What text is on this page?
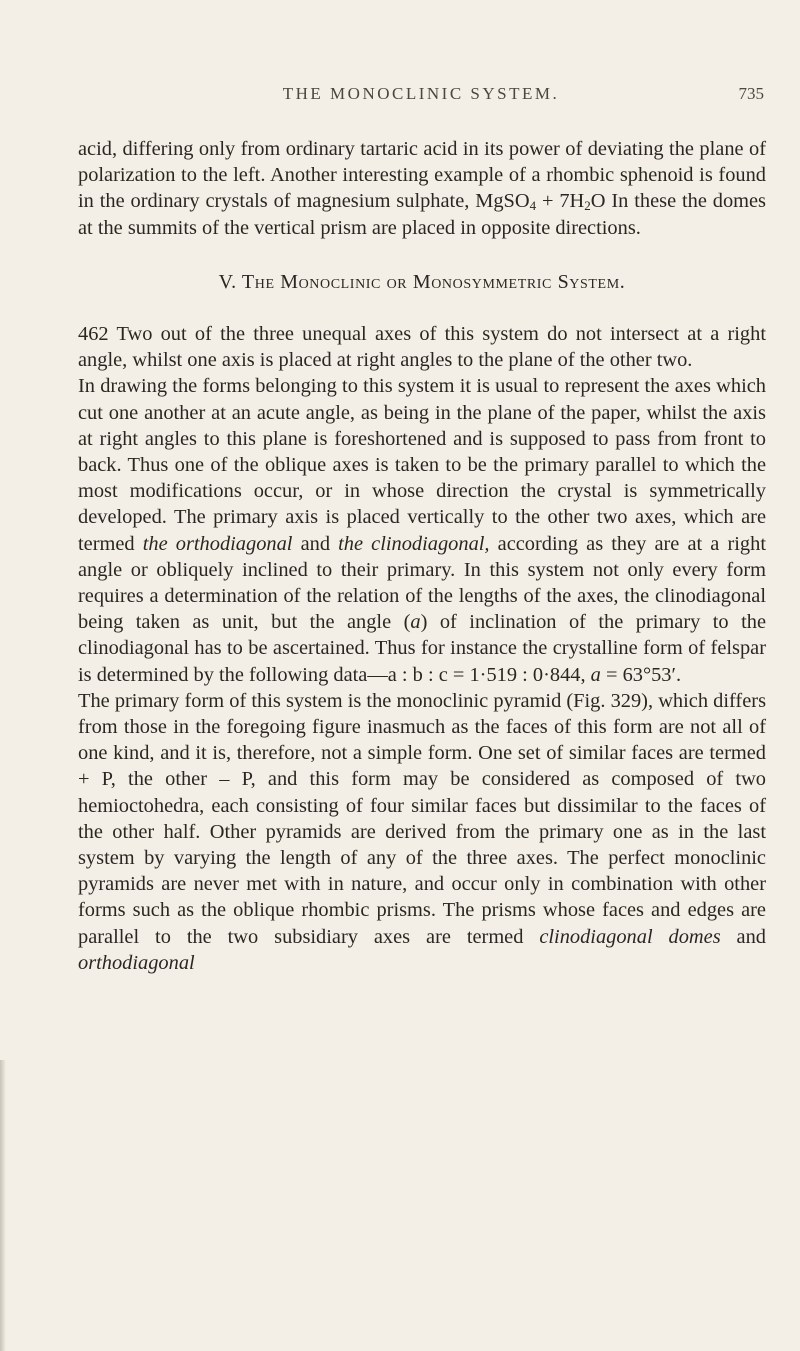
THE MONOCLINIC SYSTEM.	735

acid, differing only from ordinary tartaric acid in its power of deviating the plane of polarization to the left. Another interesting example of a rhombic sphenoid is found in the ordinary crystals of magnesium sulphate, MgSO$_4$ + $7H_2O$ In these the domes at the summits of the vertical prism are placed in opposite directions.

V. The Monoclinic or Monosymmetric System.

462 Two out of the three unequal axes of this system do not intersect at a right angle, whilst one axis is placed at right angles to the plane of the other two.

In drawing the forms belonging to this system it is usual to represent the axes which cut one another at an acute angle, as being in the plane of the paper, whilst the axis at right angles to this plane is foreshortened and is supposed to pass from front to back. Thus one of the oblique axes is taken to be the primary parallel to which the most modifications occur, or in whose direction the crystal is symmetrically developed. The primary axis is placed vertically to the other two axes, which are termed the orthodiagonal and the clinodiagonal, according as they are at a right angle or obliquely inclined to their primary. In this system not only every form requires a determination of the relation of the lengths of the axes, the clinodiagonal being taken as unit, but the angle (a) of inclination of the primary to the clinodiagonal has to be ascertained. Thus for instance the crystalline form of felspar is determined by the following data—a : b : c = 1·519 : 0·844, a = 63°53′.

The primary form of this system is the monoclinic pyramid (Fig. 329), which differs from those in the foregoing figure inasmuch as the faces of this form are not all of one kind, and it is, therefore, not a simple form. One set of similar faces are termed + P, the other – P, and this form may be considered as composed of two hemioctohedra, each consisting of four similar faces but dissimilar to the faces of the other half. Other pyramids are derived from the primary one as in the last system by varying the length of any of the three axes. The perfect monoclinic pyramids are never met with in nature, and occur only in combination with other forms such as the oblique rhombic prisms. The prisms whose faces and edges are parallel to the two subsidiary axes are termed clinodiagonal domes and orthodiagonal
